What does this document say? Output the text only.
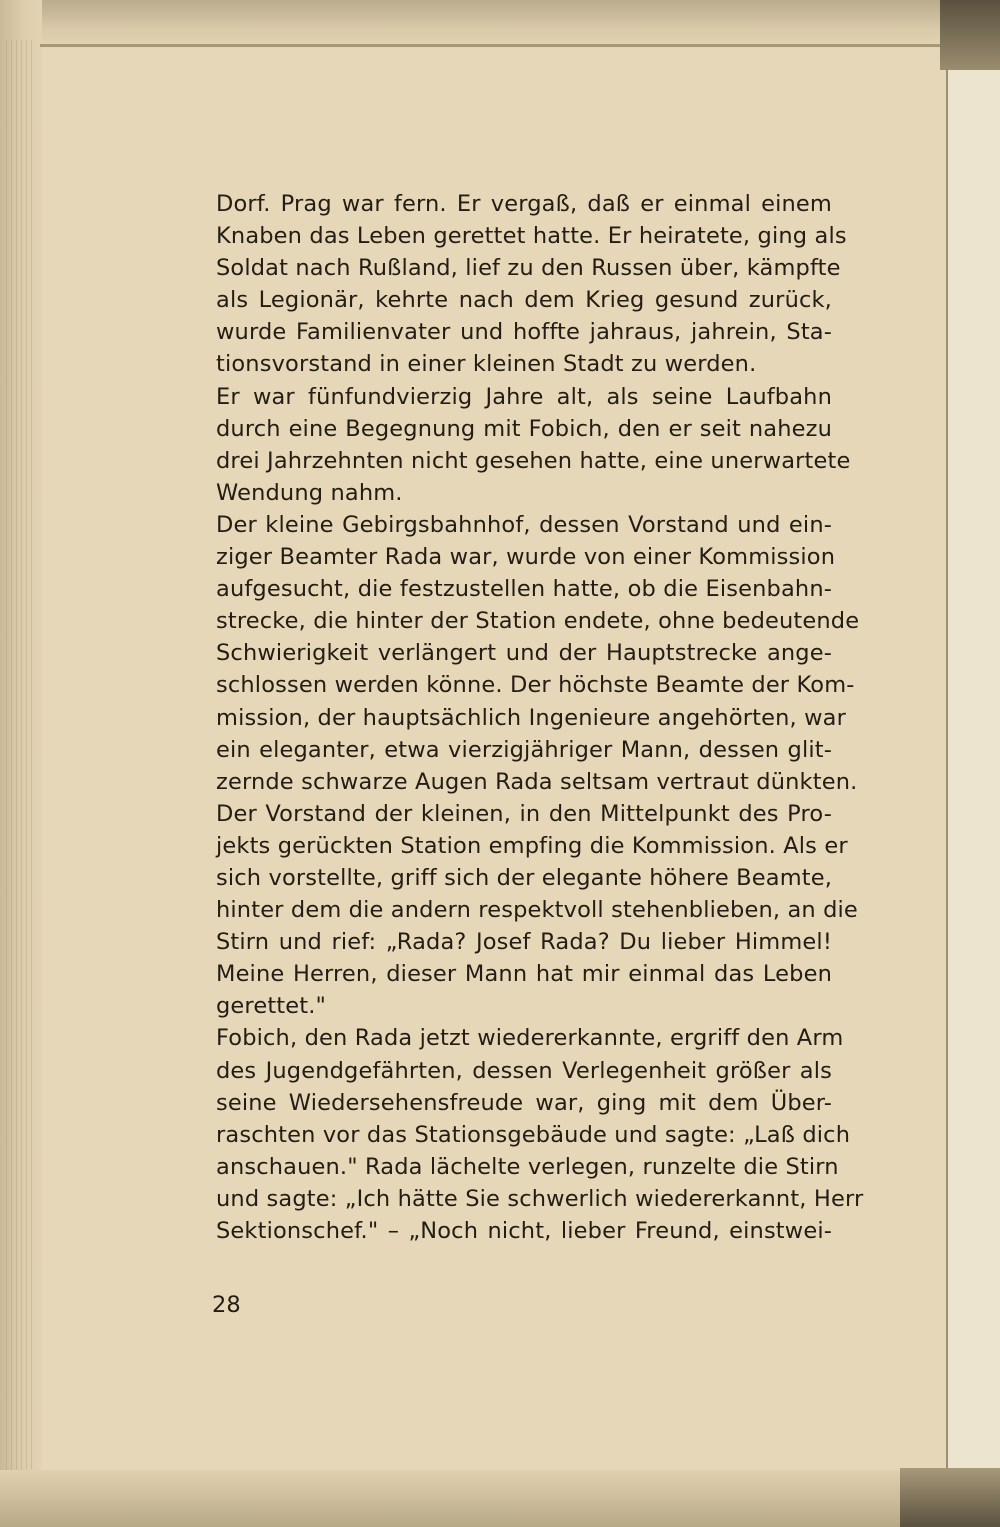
Dorf. Prag war fern. Er vergaß, daß er einmal einem
Knaben das Leben gerettet hatte. Er heiratete, ging als
Soldat nach Rußland, lief zu den Russen über, kämpfte
als Legionär, kehrte nach dem Krieg gesund zurück,
wurde Familienvater und hoffte jahraus, jahrein, Sta-
tionsvorstand in einer kleinen Stadt zu werden.
Er war fünfundvierzig Jahre alt, als seine Laufbahn
durch eine Begegnung mit Fobich, den er seit nahezu
drei Jahrzehnten nicht gesehen hatte, eine unerwartete
Wendung nahm.
Der kleine Gebirgsbahnhof, dessen Vorstand und ein-
ziger Beamter Rada war, wurde von einer Kommission
aufgesucht, die festzustellen hatte, ob die Eisenbahn-
strecke, die hinter der Station endete, ohne bedeutende
Schwierigkeit verlängert und der Hauptstrecke ange-
schlossen werden könne. Der höchste Beamte der Kom-
mission, der hauptsächlich Ingenieure angehörten, war
ein eleganter, etwa vierzigjähriger Mann, dessen glit-
zernde schwarze Augen Rada seltsam vertraut dünkten.
Der Vorstand der kleinen, in den Mittelpunkt des Pro-
jekts gerückten Station empfing die Kommission. Als er
sich vorstellte, griff sich der elegante höhere Beamte,
hinter dem die andern respektvoll stehenblieben, an die
Stirn und rief: „Rada? Josef Rada? Du lieber Himmel!
Meine Herren, dieser Mann hat mir einmal das Leben
gerettet."
Fobich, den Rada jetzt wiedererkannte, ergriff den Arm
des Jugendgefährten, dessen Verlegenheit größer als
seine Wiedersehensfreude war, ging mit dem Über-
raschten vor das Stationsgebäude und sagte: „Laß dich
anschauen." Rada lächelte verlegen, runzelte die Stirn
und sagte: „Ich hätte Sie schwerlich wiedererkannt, Herr
Sektionschef." – „Noch nicht, lieber Freund, einstwei-

28
